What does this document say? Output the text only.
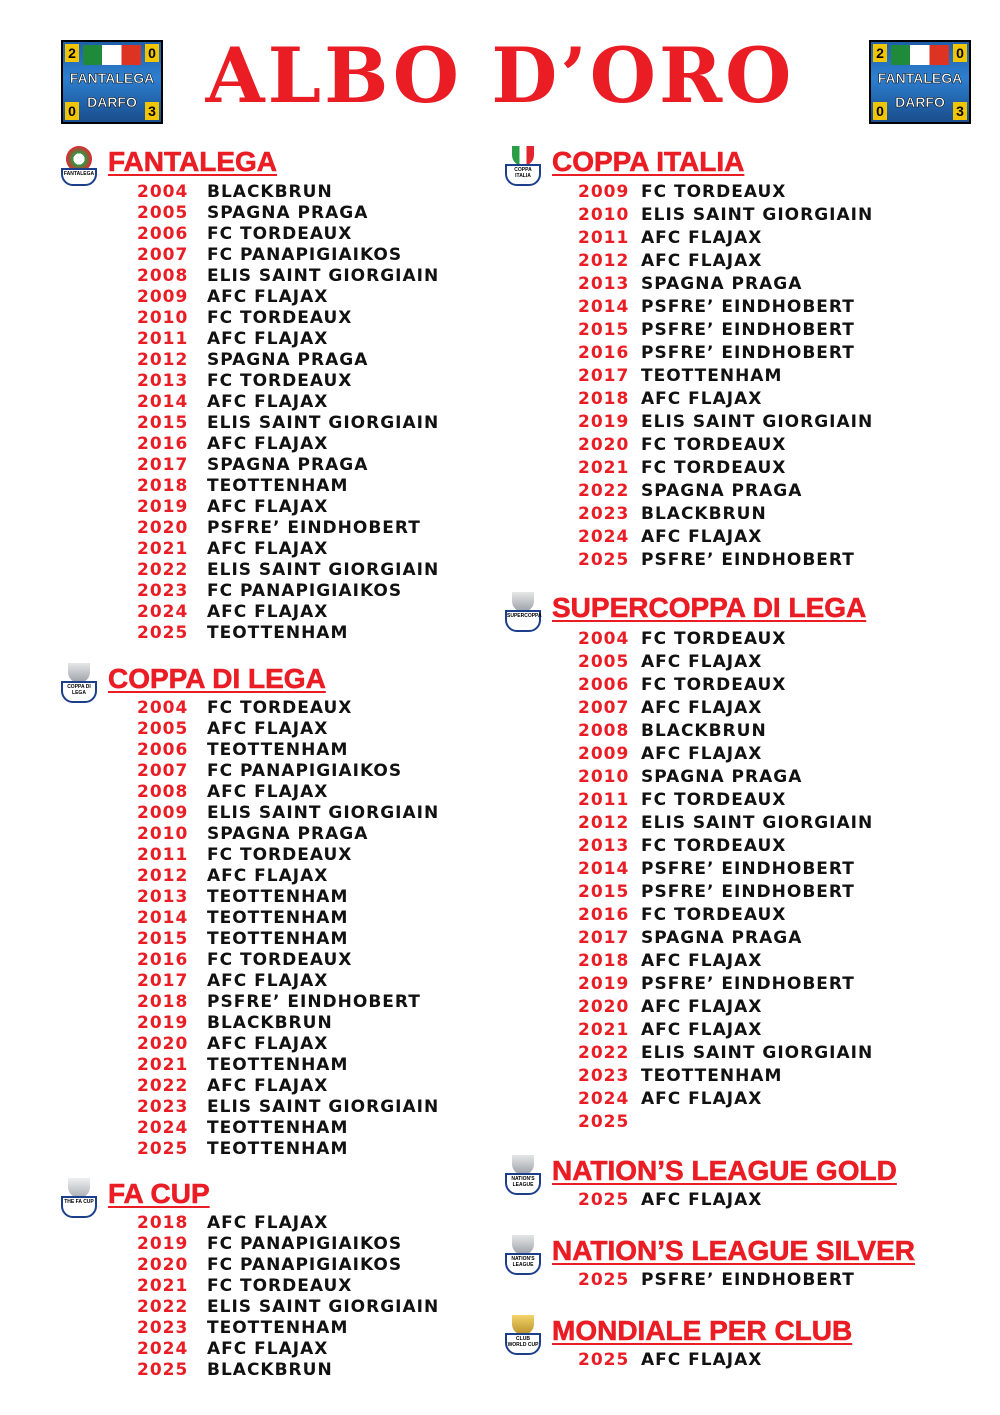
ALBO D’ORO
2	0
0	3
FANTALEGA
DARFO
2	0
0	3
FANTALEGA
DARFO
FANTALEGA FANTALEGA
2004 BLACKBRUN
2005 SPAGNA PRAGA
2006 FC TORDEAUX
2007 FC PANAPIGIAIKOS
2008 ELIS SAINT GIORGIAIN
2009 AFC FLAJAX
2010 FC TORDEAUX
2011 AFC FLAJAX
2012 SPAGNA PRAGA
2013 FC TORDEAUX
2014 AFC FLAJAX
2015 ELIS SAINT GIORGIAIN
2016 AFC FLAJAX
2017 SPAGNA PRAGA
2018 TEOTTENHAM
2019 AFC FLAJAX
2020 PSFRE’ EINDHOBERT
2021 AFC FLAJAX
2022 ELIS SAINT GIORGIAIN
2023 FC PANAPIGIAIKOS
2024 AFC FLAJAX
2025 TEOTTENHAM
COPPA DI LEGA COPPA DI LEGA
2004 FC TORDEAUX
2005 AFC FLAJAX
2006 TEOTTENHAM
2007 FC PANAPIGIAIKOS
2008 AFC FLAJAX
2009 ELIS SAINT GIORGIAIN
2010 SPAGNA PRAGA
2011 FC TORDEAUX
2012 AFC FLAJAX
2013 TEOTTENHAM
2014 TEOTTENHAM
2015 TEOTTENHAM
2016 FC TORDEAUX
2017 AFC FLAJAX
2018 PSFRE’ EINDHOBERT
2019 BLACKBRUN
2020 AFC FLAJAX
2021 TEOTTENHAM
2022 AFC FLAJAX
2023 ELIS SAINT GIORGIAIN
2024 TEOTTENHAM
2025 TEOTTENHAM
THE FA CUP FA CUP
2018 AFC FLAJAX
2019 FC PANAPIGIAIKOS
2020 FC PANAPIGIAIKOS
2021 FC TORDEAUX
2022 ELIS SAINT GIORGIAIN
2023 TEOTTENHAM
2024 AFC FLAJAX
2025 BLACKBRUN
COPPA ITALIA COPPA ITALIA
2009 FC TORDEAUX
2010 ELIS SAINT GIORGIAIN
2011 AFC FLAJAX
2012 AFC FLAJAX
2013 SPAGNA PRAGA
2014 PSFRE’ EINDHOBERT
2015 PSFRE’ EINDHOBERT
2016 PSFRE’ EINDHOBERT
2017 TEOTTENHAM
2018 AFC FLAJAX
2019 ELIS SAINT GIORGIAIN
2020 FC TORDEAUX
2021 FC TORDEAUX
2022 SPAGNA PRAGA
2023 BLACKBRUN
2024 AFC FLAJAX
2025 PSFRE’ EINDHOBERT
SUPERCOPPA SUPERCOPPA DI LEGA
2004 FC TORDEAUX
2005 AFC FLAJAX
2006 FC TORDEAUX
2007 AFC FLAJAX
2008 BLACKBRUN
2009 AFC FLAJAX
2010 SPAGNA PRAGA
2011 FC TORDEAUX
2012 ELIS SAINT GIORGIAIN
2013 FC TORDEAUX
2014 PSFRE’ EINDHOBERT
2015 PSFRE’ EINDHOBERT
2016 FC TORDEAUX
2017 SPAGNA PRAGA
2018 AFC FLAJAX
2019 PSFRE’ EINDHOBERT
2020 AFC FLAJAX
2021 AFC FLAJAX
2022 ELIS SAINT GIORGIAIN
2023 TEOTTENHAM
2024 AFC FLAJAX
2025
NATION'S LEAGUE NATION’S LEAGUE GOLD
2025 AFC FLAJAX
NATION'S LEAGUE NATION’S LEAGUE SILVER
2025 PSFRE’ EINDHOBERT
CLUB WORLD CUP MONDIALE PER CLUB
2025 AFC FLAJAX
